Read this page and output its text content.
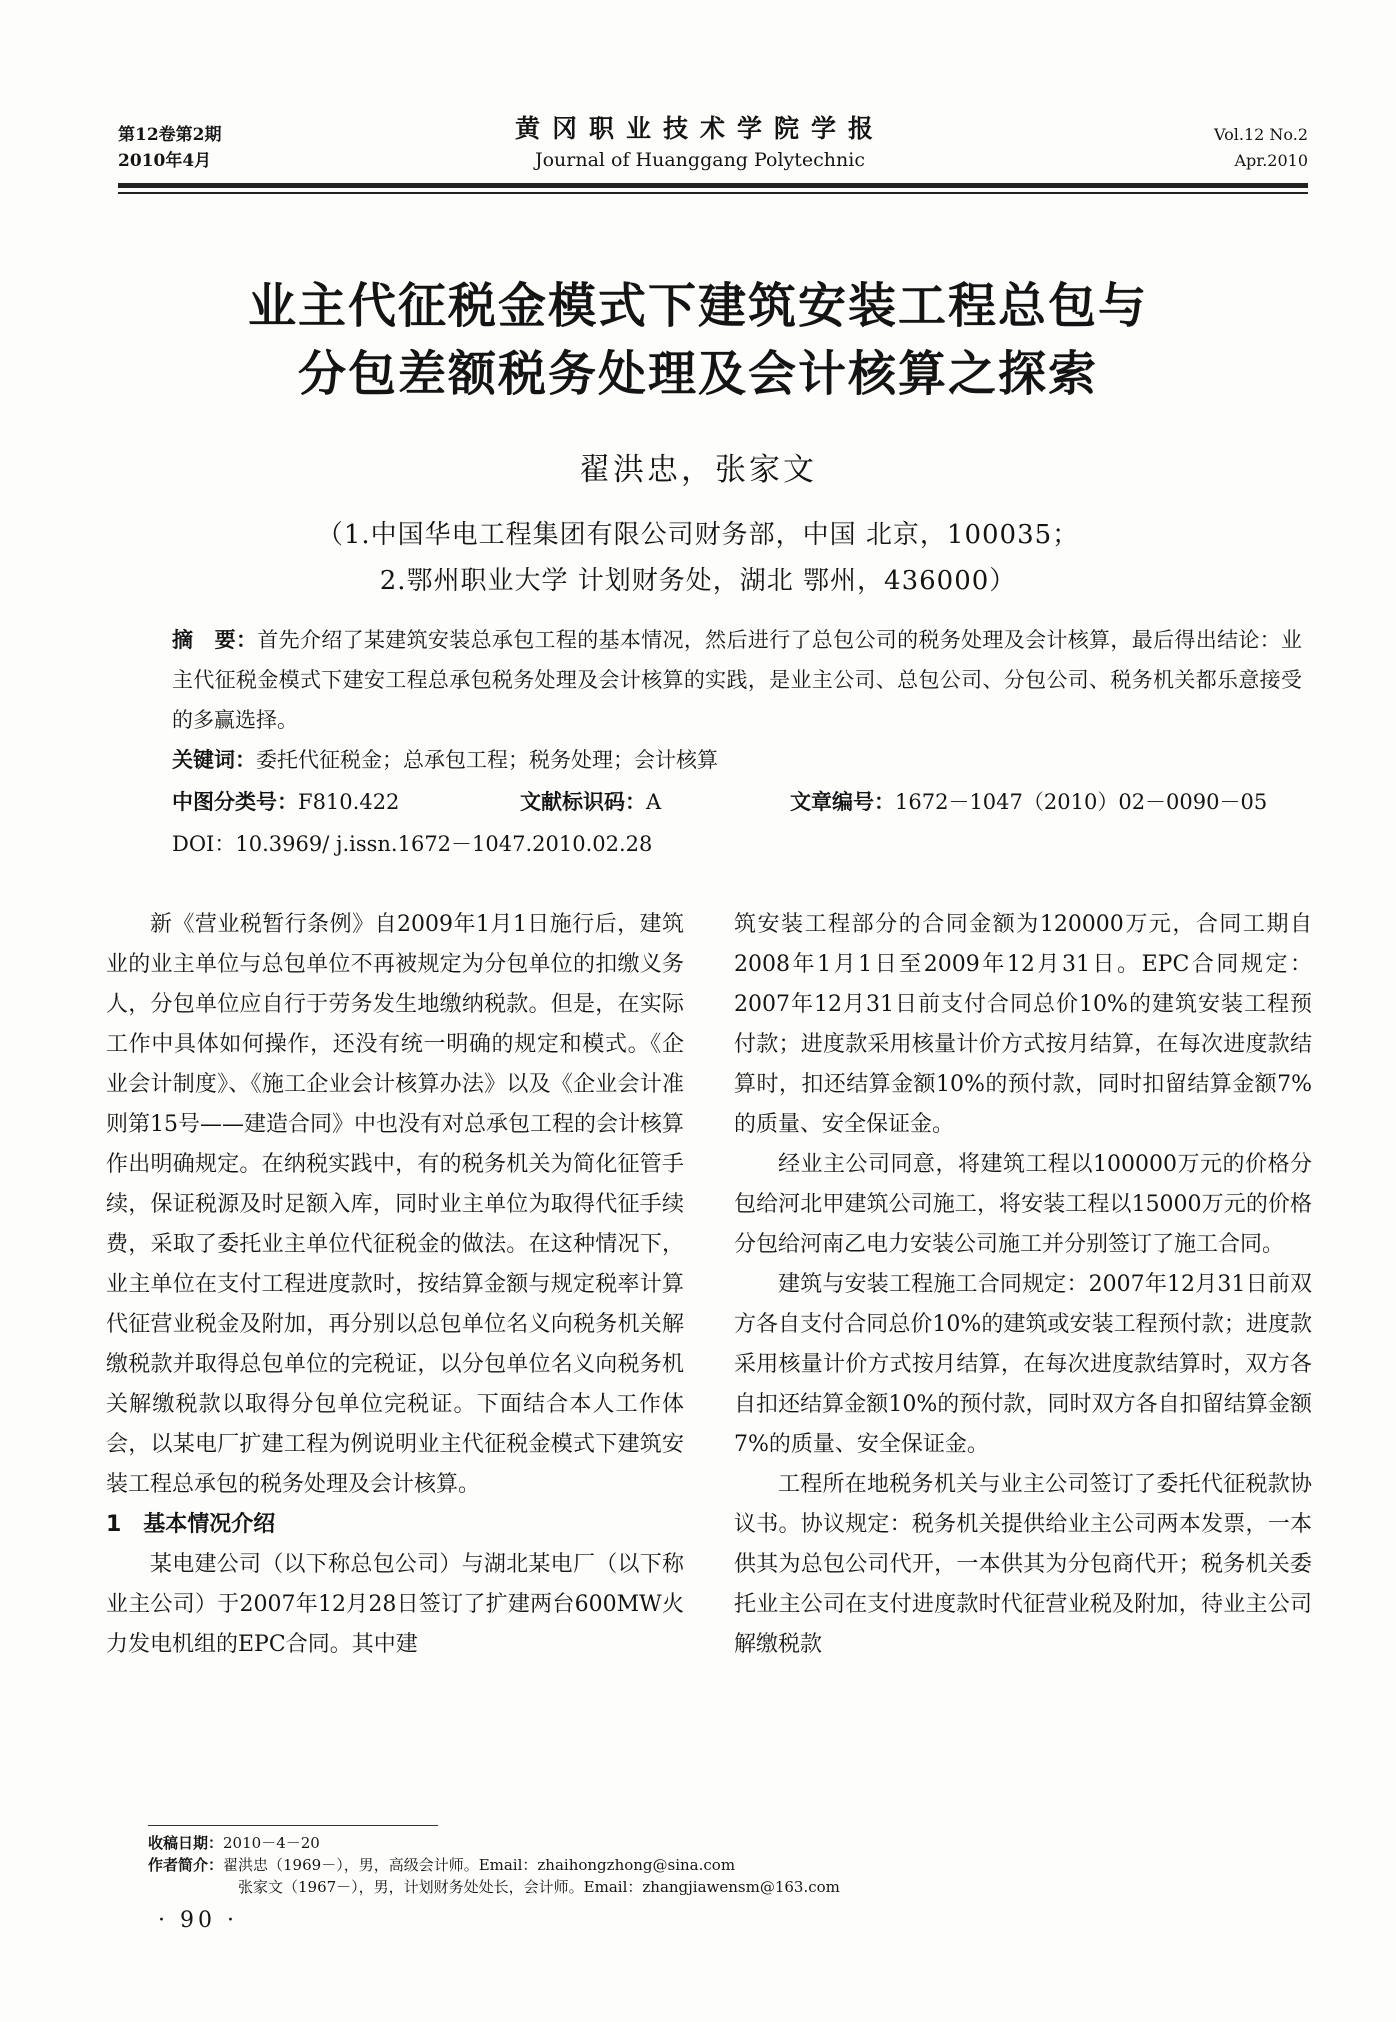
第12卷第2期
2010年4月
黄冈职业技术学院学报
Journal of Huanggang Polytechnic
Vol.12 No.2
Apr.2010
业主代征税金模式下建筑安装工程总包与
分包差额税务处理及会计核算之探索
翟洪忠，张家文
（1.中国华电工程集团有限公司财务部，中国 北京，100035；
2.鄂州职业大学 计划财务处，湖北 鄂州，436000）
摘　要：首先介绍了某建筑安装总承包工程的基本情况，然后进行了总包公司的税务处理及会计核算，最后得出结论：业主代征税金模式下建安工程总承包税务处理及会计核算的实践，是业主公司、总包公司、分包公司、税务机关都乐意接受的多赢选择。
关键词：委托代征税金；总承包工程；税务处理；会计核算
中图分类号：F810.422	文献标识码：A	文章编号：1672－1047（2010）02－0090－05
DOI：10.3969/ j.issn.1672－1047.2010.02.28

新《营业税暂行条例》自2009年1月1日施行后，建筑业的业主单位与总包单位不再被规定为分包单位的扣缴义务人，分包单位应自行于劳务发生地缴纳税款。但是，在实际工作中具体如何操作，还没有统一明确的规定和模式。《企业会计制度》、《施工企业会计核算办法》以及《企业会计准则第15号——建造合同》中也没有对总承包工程的会计核算作出明确规定。在纳税实践中，有的税务机关为简化征管手续，保证税源及时足额入库，同时业主单位为取得代征手续费，采取了委托业主单位代征税金的做法。在这种情况下，业主单位在支付工程进度款时，按结算金额与规定税率计算代征营业税金及附加，再分别以总包单位名义向税务机关解缴税款并取得总包单位的完税证，以分包单位名义向税务机关解缴税款以取得分包单位完税证。下面结合本人工作体会，以某电厂扩建工程为例说明业主代征税金模式下建筑安装工程总承包的税务处理及会计核算。

1　基本情况介绍

某电建公司（以下称总包公司）与湖北某电厂（以下称业主公司）于2007年12月28日签订了扩建两台600MW火力发电机组的EPC合同。其中建

筑安装工程部分的合同金额为120000万元，合同工期自2008年1月1日至2009年12月31日。EPC合同规定：2007年12月31日前支付合同总价10%的建筑安装工程预付款；进度款采用核量计价方式按月结算，在每次进度款结算时，扣还结算金额10%的预付款，同时扣留结算金额7%的质量、安全保证金。

经业主公司同意，将建筑工程以100000万元的价格分包给河北甲建筑公司施工，将安装工程以15000万元的价格分包给河南乙电力安装公司施工并分别签订了施工合同。

建筑与安装工程施工合同规定：2007年12月31日前双方各自支付合同总价10%的建筑或安装工程预付款；进度款采用核量计价方式按月结算，在每次进度款结算时，双方各自扣还结算金额10%的预付款，同时双方各自扣留结算金额7%的质量、安全保证金。

工程所在地税务机关与业主公司签订了委托代征税款协议书。协议规定：税务机关提供给业主公司两本发票，一本供其为总包公司代开，一本供其为分包商代开；税务机关委托业主公司在支付进度款时代征营业税及附加，待业主公司解缴税款

收稿日期：2010－4－20
作者简介：翟洪忠（1969－），男，高级会计师。Email：zhaihongzhong@sina.com
张家文（1967－），男，计划财务处处长，会计师。Email：zhangjiawensm@163.com
· 90 ·
